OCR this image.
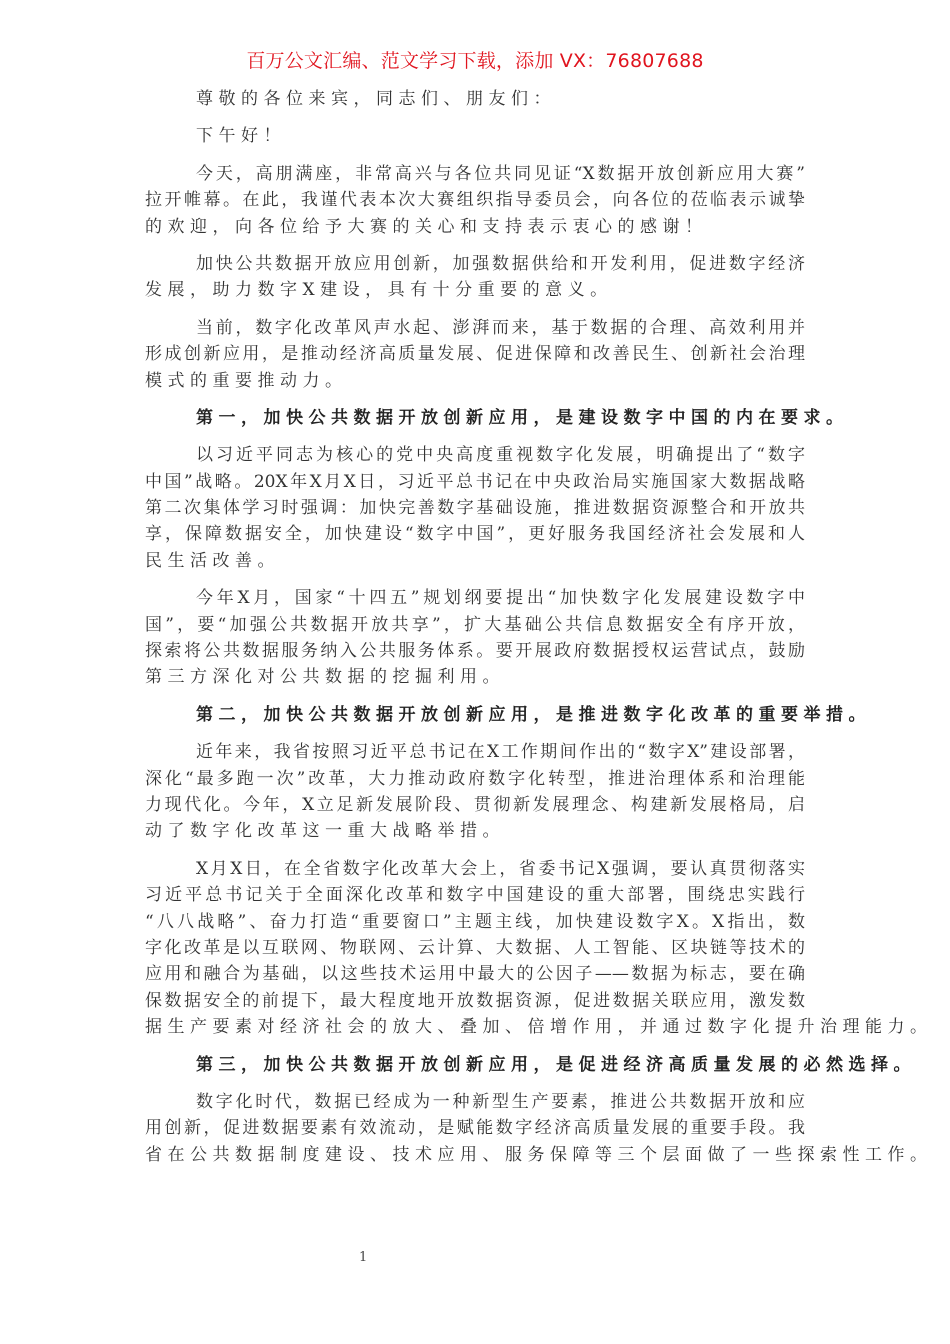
百万公文汇编、范文学习下载，添加 VX：76807688
尊敬的各位来宾，同志们、朋友们：
下午好！
今天，高朋满座，非常高兴与各位共同见证“X数据开放创新应用大赛”
拉开帷幕。在此，我谨代表本次大赛组织指导委员会，向各位的莅临表示诚挚
的欢迎，向各位给予大赛的关心和支持表示衷心的感谢！
加快公共数据开放应用创新，加强数据供给和开发利用，促进数字经济
发展，助力数字X建设，具有十分重要的意义。
当前，数字化改革风声水起、澎湃而来，基于数据的合理、高效利用并
形成创新应用，是推动经济高质量发展、促进保障和改善民生、创新社会治理
模式的重要推动力。
第一，加快公共数据开放创新应用，是建设数字中国的内在要求。
以习近平同志为核心的党中央高度重视数字化发展，明确提出了“数字
中国”战略。20X年X月X日，习近平总书记在中央政治局实施国家大数据战略
第二次集体学习时强调：加快完善数字基础设施，推进数据资源整合和开放共
享，保障数据安全，加快建设“数字中国”，更好服务我国经济社会发展和人
民生活改善。
今年X月，国家“十四五”规划纲要提出“加快数字化发展建设数字中
国”，要“加强公共数据开放共享”，扩大基础公共信息数据安全有序开放，
探索将公共数据服务纳入公共服务体系。要开展政府数据授权运营试点，鼓励
第三方深化对公共数据的挖掘利用。
第二，加快公共数据开放创新应用，是推进数字化改革的重要举措。
近年来，我省按照习近平总书记在X工作期间作出的“数字X”建设部署，
深化“最多跑一次”改革，大力推动政府数字化转型，推进治理体系和治理能
力现代化。今年，X立足新发展阶段、贯彻新发展理念、构建新发展格局，启
动了数字化改革这一重大战略举措。
X月X日，在全省数字化改革大会上，省委书记X强调，要认真贯彻落实
习近平总书记关于全面深化改革和数字中国建设的重大部署，围绕忠实践行
“八八战略”、奋力打造“重要窗口”主题主线，加快建设数字X。X指出，数
字化改革是以互联网、物联网、云计算、大数据、人工智能、区块链等技术的
应用和融合为基础，以这些技术运用中最大的公因子——数据为标志，要在确
保数据安全的前提下，最大程度地开放数据资源，促进数据关联应用，激发数
据生产要素对经济社会的放大、叠加、倍增作用，并通过数字化提升治理能力。
第三，加快公共数据开放创新应用，是促进经济高质量发展的必然选择。
数字化时代，数据已经成为一种新型生产要素，推进公共数据开放和应
用创新，促进数据要素有效流动，是赋能数字经济高质量发展的重要手段。我
省在公共数据制度建设、技术应用、服务保障等三个层面做了一些探索性工作。
1
